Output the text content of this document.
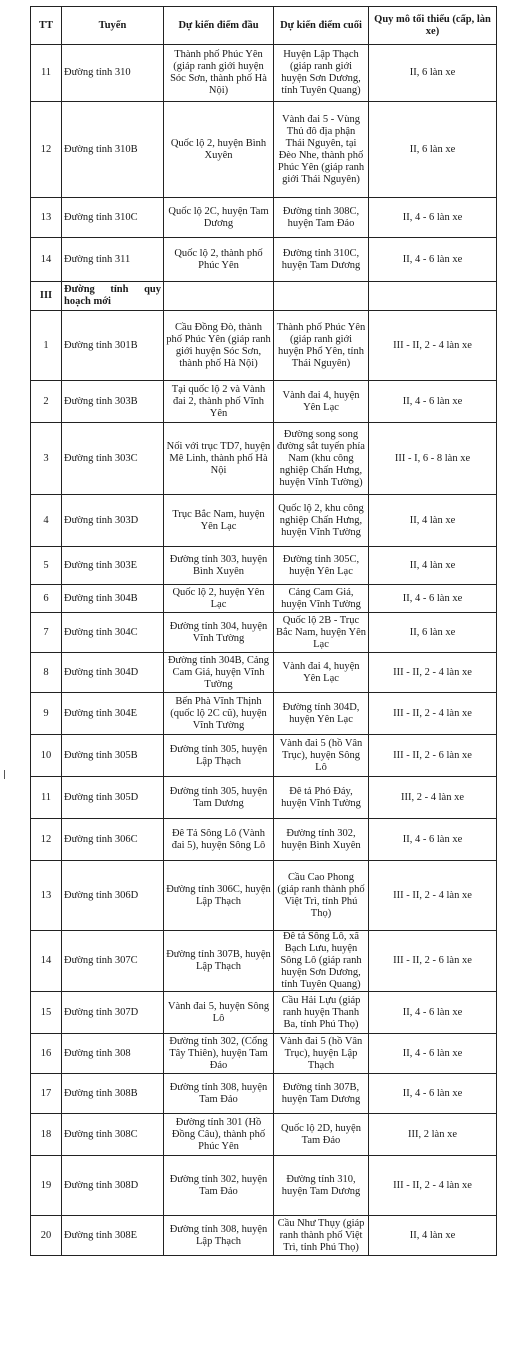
TT	Tuyến	Dự kiến điểm đầu	Dự kiến điểm cuối	Quy mô tối thiểu (cấp, làn xe)
11	Đường tỉnh 310	Thành phố Phúc Yên (giáp ranh giới huyện Sóc Sơn, thành phố Hà Nội)	Huyện Lập Thạch (giáp ranh giới huyện Sơn Dương, tỉnh Tuyên Quang)	II, 6 làn xe
12	Đường tỉnh 310B	Quốc lộ 2, huyện Bình Xuyên	Vành đai 5 - Vùng Thủ đô địa phận Thái Nguyên, tại Đèo Nhe, thành phố Phúc Yên (giáp ranh giới Thái Nguyên)	II, 6 làn xe
13	Đường tỉnh 310C	Quốc lộ 2C, huyện Tam Dương	Đường tỉnh 308C, huyện Tam Đảo	II, 4 - 6 làn xe
14	Đường tỉnh 311	Quốc lộ 2, thành phố Phúc Yên	Đường tỉnh 310C, huyện Tam Dương	II, 4 - 6 làn xe
III	Đường tỉnh quy hoạch mới			
1	Đường tỉnh 301B	Cầu Đồng Đò, thành phố Phúc Yên (giáp ranh giới huyện Sóc Sơn, thành phố Hà Nội)	Thành phố Phúc Yên (giáp ranh giới huyện Phổ Yên, tỉnh Thái Nguyên)	III - II, 2 - 4 làn xe
2	Đường tỉnh 303B	Tại quốc lộ 2 và Vành đai 2, thành phố Vĩnh Yên	Vành đai 4, huyện Yên Lạc	II, 4 - 6 làn xe
3	Đường tỉnh 303C	Nối với trục TD7, huyện Mê Linh, thành phố Hà Nội	Đường song song đường sắt tuyến phía Nam (khu công nghiệp Chấn Hưng, huyện Vĩnh Tường)	III - I, 6 - 8 làn xe
4	Đường tỉnh 303D	Trục Bắc Nam, huyện Yên Lạc	Quốc lộ 2, khu công nghiệp Chấn Hưng, huyện Vĩnh Tường	II, 4 làn xe
5	Đường tỉnh 303E	Đường tỉnh 303, huyện Bình Xuyên	Đường tỉnh 305C, huyện Yên Lạc	II, 4 làn xe
6	Đường tỉnh 304B	Quốc lộ 2, huyện Yên Lạc	Cảng Cam Giá, huyện Vĩnh Tường	II, 4 - 6 làn xe
7	Đường tỉnh 304C	Đường tỉnh 304, huyện Vĩnh Tường	Quốc lộ 2B - Trục Bắc Nam, huyện Yên Lạc	II, 6 làn xe
8	Đường tỉnh 304D	Đường tỉnh 304B, Cảng Cam Giá, huyện Vĩnh Tường	Vành đai 4, huyện Yên Lạc	III - II, 2 - 4 làn xe
9	Đường tỉnh 304E	Bến Phà Vĩnh Thịnh (quốc lộ 2C cũ), huyện Vĩnh Tường	Đường tỉnh 304D, huyện Yên Lạc	III - II, 2 - 4 làn xe
10	Đường tỉnh 305B	Đường tỉnh 305, huyện Lập Thạch	Vành đai 5 (hồ Vân Trục), huyện Sông Lô	III - II, 2 - 6 làn xe
11	Đường tỉnh 305D	Đường tỉnh 305, huyện Tam Dương	Đê tả Phó Đáy, huyện Vĩnh Tường	III, 2 - 4 làn xe
12	Đường tỉnh 306C	Đê Tả Sông Lô (Vành đai 5), huyện Sông Lô	Đường tỉnh 302, huyện Bình Xuyên	II, 4 - 6 làn xe
13	Đường tỉnh 306D	Đường tỉnh 306C, huyện Lập Thạch	Cầu Cao Phong (giáp ranh thành phố Việt Trì, tỉnh Phú Thọ)	III - II, 2 - 4 làn xe
14	Đường tỉnh 307C	Đường tỉnh 307B, huyện Lập Thạch	Đê tả Sông Lô, xã Bạch Lưu, huyện Sông Lô (giáp ranh huyện Sơn Dương, tỉnh Tuyên Quang)	III - II, 2 - 6 làn xe
15	Đường tỉnh 307D	Vành đai 5, huyện Sông Lô	Cầu Hải Lựu (giáp ranh huyện Thanh Ba, tỉnh Phú Thọ)	II, 4 - 6 làn xe
16	Đường tỉnh 308	Đường tỉnh 302, (Cổng Tây Thiên), huyện Tam Đảo	Vành đai 5 (hồ Vân Trục), huyện Lập Thạch	II, 4 - 6 làn xe
17	Đường tỉnh 308B	Đường tỉnh 308, huyện Tam Đảo	Đường tỉnh 307B, huyện Tam Dương	II, 4 - 6 làn xe
18	Đường tỉnh 308C	Đường tỉnh 301 (Hồ Đồng Câu), thành phố Phúc Yên	Quốc lộ 2D, huyện Tam Đảo	III, 2 làn xe
19	Đường tỉnh 308D	Đường tỉnh 302, huyện Tam Đảo	Đường tỉnh 310, huyện Tam Dương	III - II, 2 - 4 làn xe
20	Đường tỉnh 308E	Đường tỉnh 308, huyện Lập Thạch	Cầu Như Thụy (giáp ranh thành phố Việt Trì, tỉnh Phú Thọ)	II, 4 làn xe
